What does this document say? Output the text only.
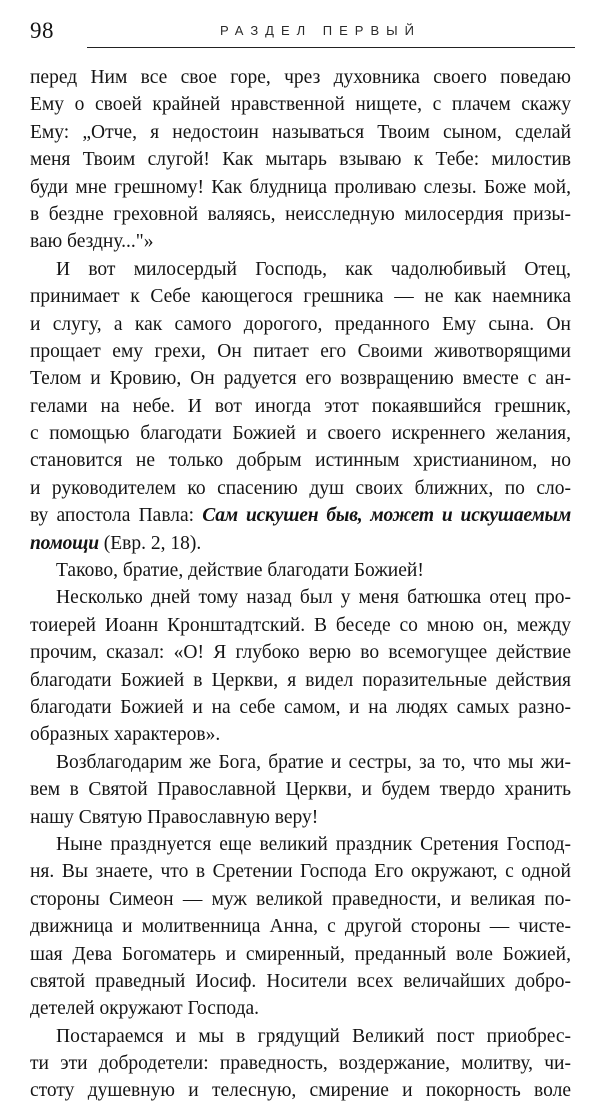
98	РАЗДЕЛ ПЕРВЫЙ
перед Ним все свое горе, чрез духовника своего поведаю
Ему о своей крайней нравственной нищете, с плачем скажу
Ему: „Отче, я недостоин называться Твоим сыном, сделай
меня Твоим слугой! Как мытарь взываю к Тебе: милостив
буди мне грешному! Как блудница проливаю слезы. Боже мой,
в бездне греховной валяясь, неисследную милосердия призы-
ваю бездну..."»
И вот милосердый Господь, как чадолюбивый Отец,
принимает к Себе кающегося грешника — не как наемника
и слугу, а как самого дорогого, преданного Ему сына. Он
прощает ему грехи, Он питает его Своими животворящими
Телом и Кровию, Он радуется его возвращению вместе с ан-
гелами на небе. И вот иногда этот покаявшийся грешник,
с помощью благодати Божией и своего искреннего желания,
становится не только добрым истинным христианином, но
и руководителем ко спасению душ своих ближних, по сло-
ву апостола Павла: Сам искушен быв, может и искушаемым
помощи (Евр. 2, 18).
Таково, братие, действие благодати Божией!
Несколько дней тому назад был у меня батюшка отец про-
тоиерей Иоанн Кронштадтский. В беседе со мною он, между
прочим, сказал: «О! Я глубоко верю во всемогущее действие
благодати Божией в Церкви, я видел поразительные действия
благодати Божией и на себе самом, и на людях самых разно-
образных характеров».
Возблагодарим же Бога, братие и сестры, за то, что мы жи-
вем в Святой Православной Церкви, и будем твердо хранить
нашу Святую Православную веру!
Ныне празднуется еще великий праздник Сретения Господ-
ня. Вы знаете, что в Сретении Господа Его окружают, с одной
стороны Симеон — муж великой праведности, и великая по-
движница и молитвенница Анна, с другой стороны — чисте-
шая Дева Богоматерь и смиренный, преданный воле Божией,
святой праведный Иосиф. Носители всех величайших добро-
детелей окружают Господа.
Постараемся и мы в грядущий Великий пост приобрес-
ти эти добродетели: праведность, воздержание, молитву, чи-
стоту душевную и телесную, смирение и покорность воле
